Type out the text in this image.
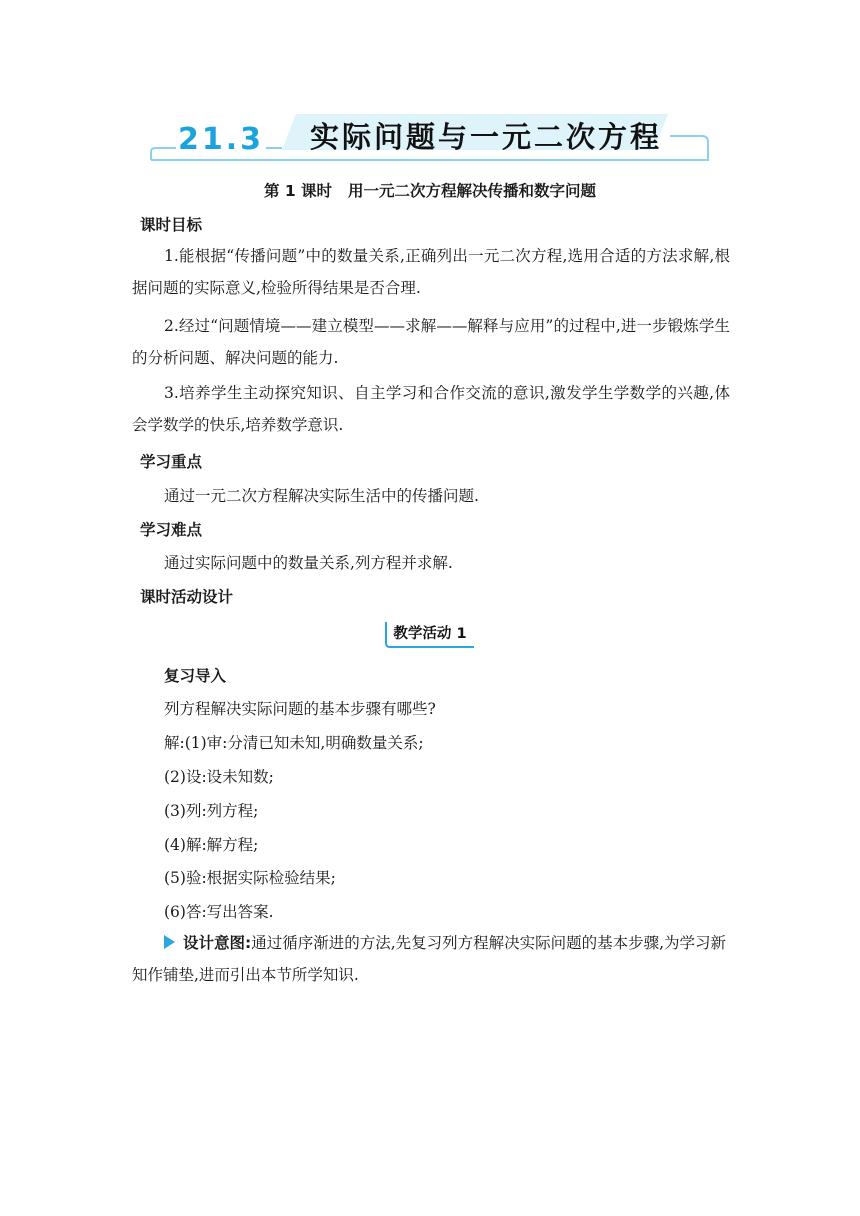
21.3 实际问题与一元二次方程
第 1 课时 用一元二次方程解决传播和数字问题
课时目标
1.能根据“传播问题”中的数量关系,正确列出一元二次方程,选用合适的方法求解,根据问题的实际意义,检验所得结果是否合理.
2.经过“问题情境——建立模型——求解——解释与应用”的过程中,进一步锻炼学生的分析问题、解决问题的能力.
3.培养学生主动探究知识、自主学习和合作交流的意识,激发学生学数学的兴趣,体会学数学的快乐,培养数学意识.
学习重点
通过一元二次方程解决实际生活中的传播问题.
学习难点
通过实际问题中的数量关系,列方程并求解.
课时活动设计
教学活动 1
复习导入
列方程解决实际问题的基本步骤有哪些?
解:(1)审:分清已知未知,明确数量关系;
(2)设:设未知数;
(3)列:列方程;
(4)解:解方程;
(5)验:根据实际检验结果;
(6)答:写出答案.
设计意图:通过循序渐进的方法,先复习列方程解决实际问题的基本步骤,为学习新知作铺垫,进而引出本节所学知识.
